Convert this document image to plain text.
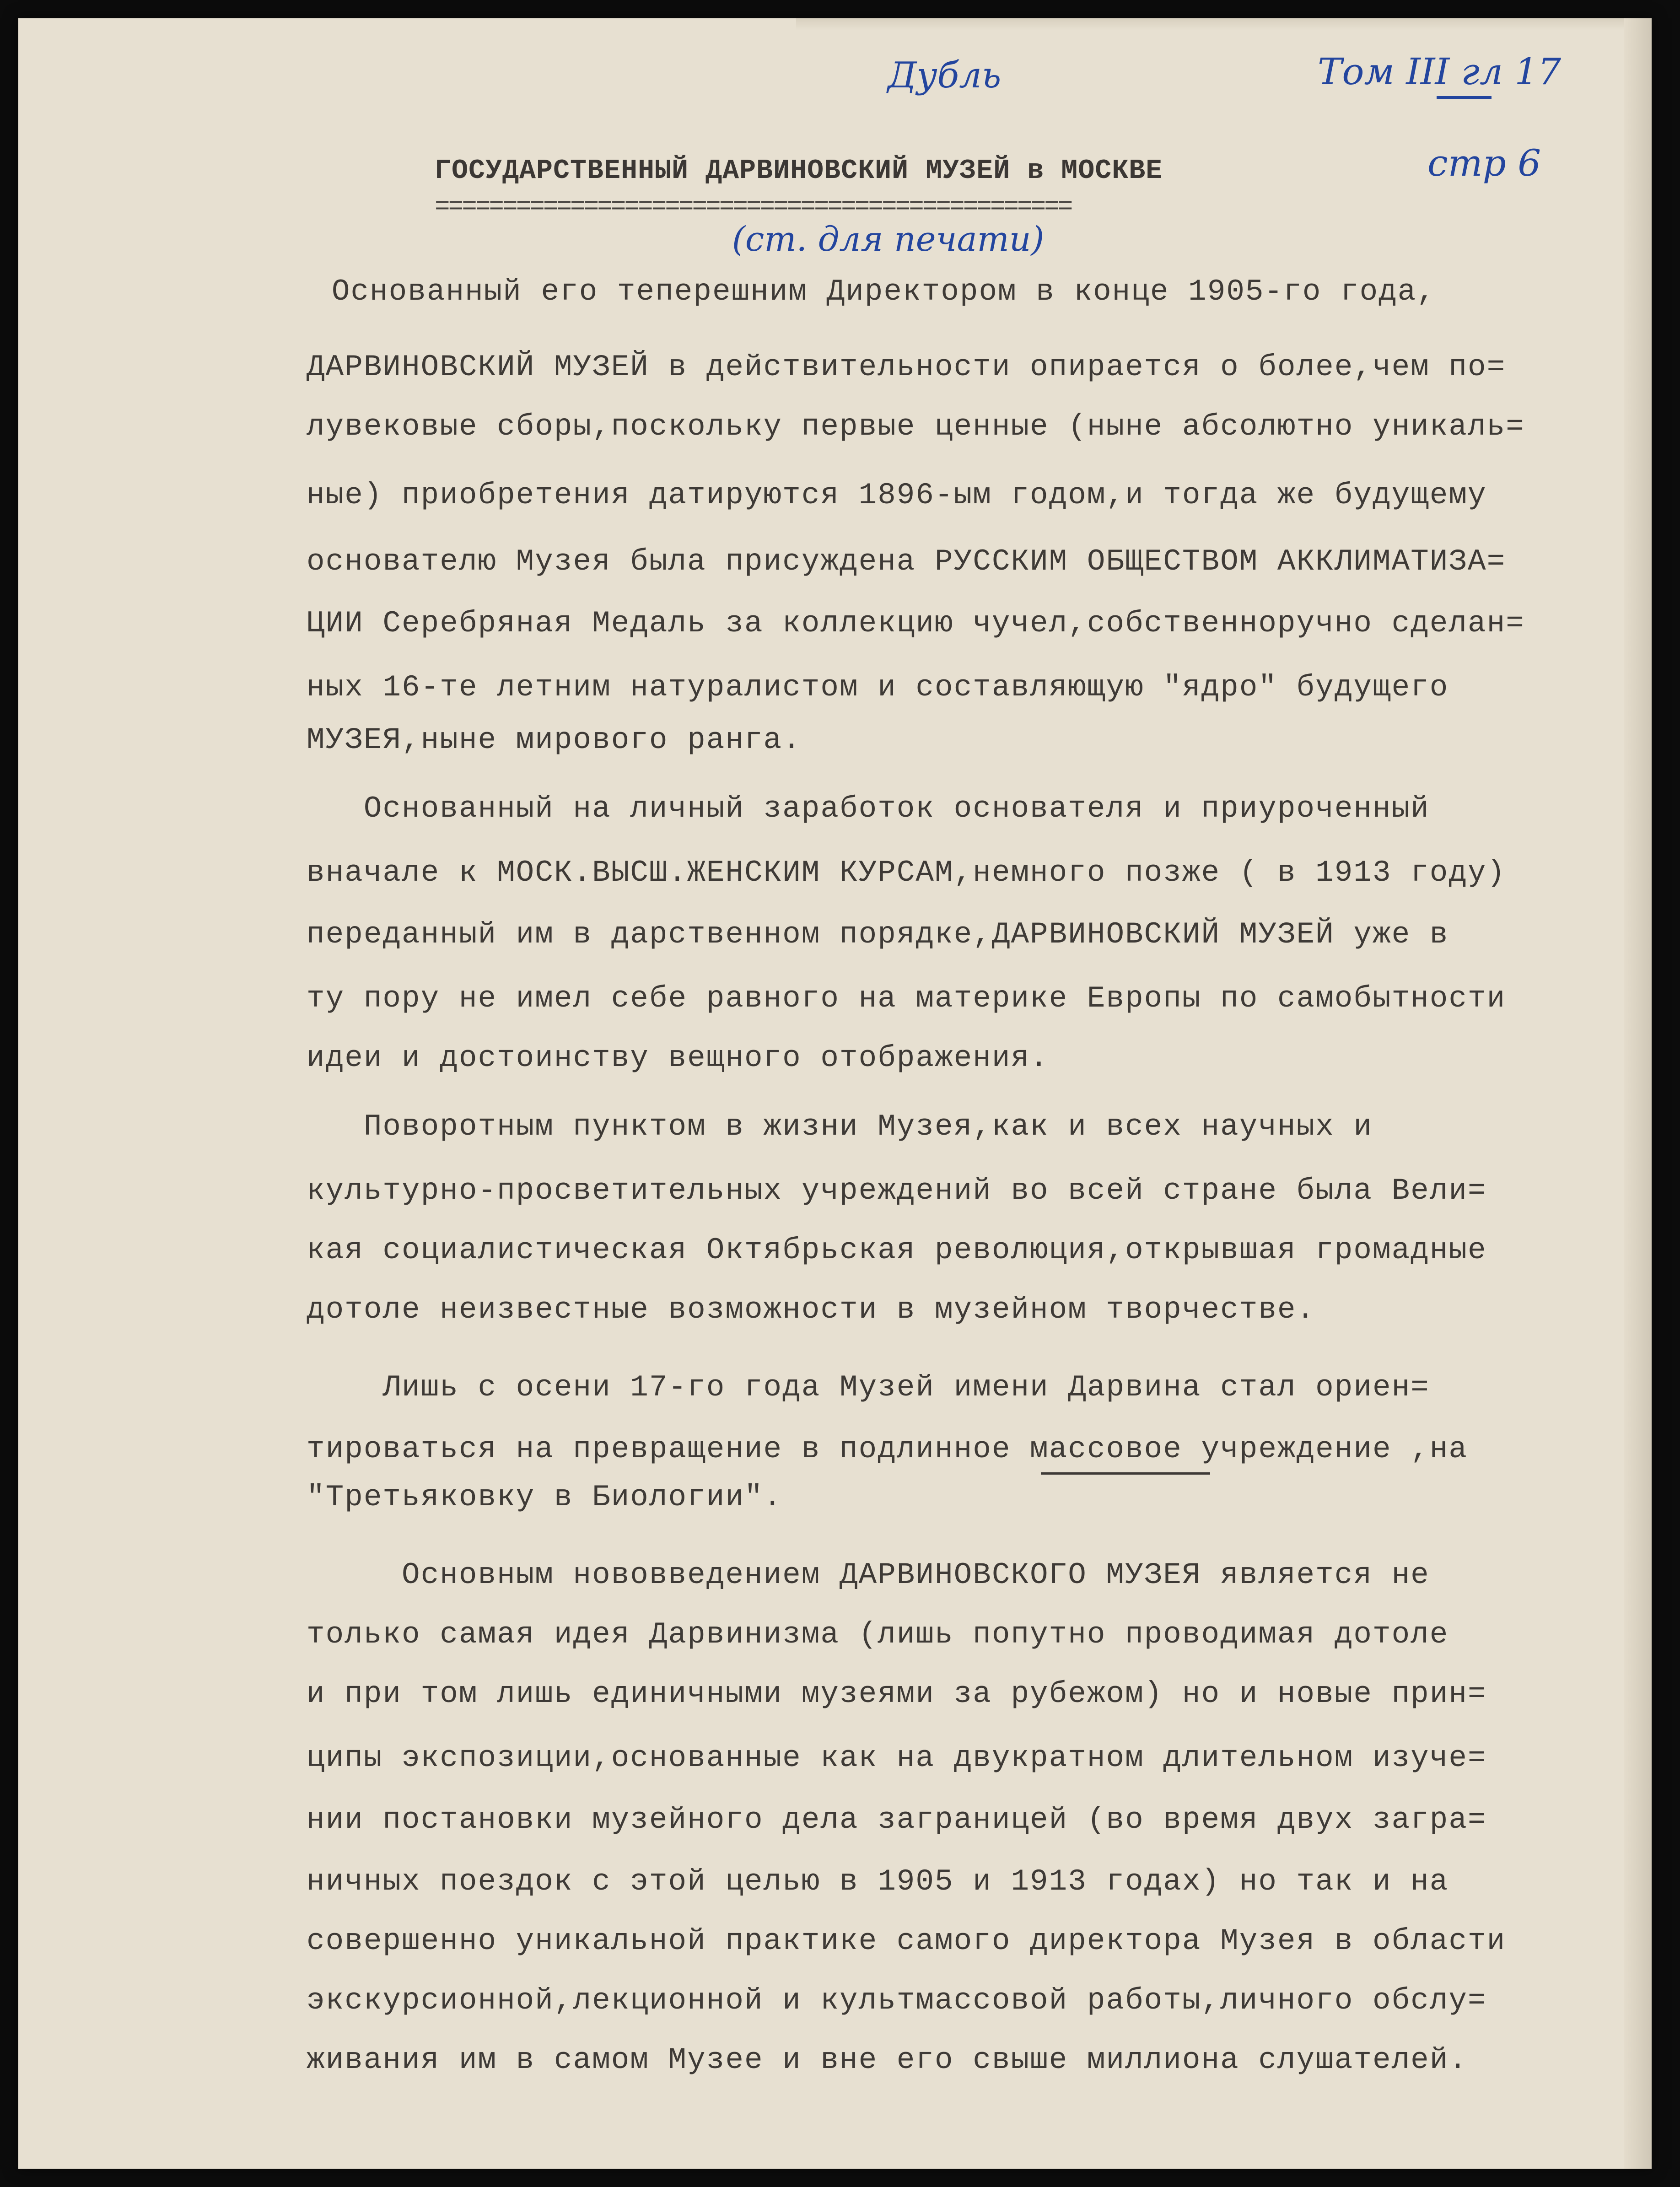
Дубль	Том III гл 17

стр 6

(ст. для печати)

ГОСУДАРСТВЕННЫЙ ДАРВИНОВСКИЙ МУЗЕЙ в МОСКВЕ

===============================================

Основанный его теперешним Директором в конце 1905-го года,

ДАРВИНОВСКИЙ МУЗЕЙ в действительности опирается о более,чем по=

лувековые сборы,поскольку первые ценные (ныне абсолютно уникаль=

ные) приобретения датируются 1896-ым годом,и тогда же будущему

основателю Музея была присуждена РУССКИМ ОБЩЕСТВОМ АККЛИМАТИЗА=

ЦИИ Серебряная Медаль за коллекцию чучел,собственноручно сделан=

ных 16-те летним натуралистом и составляющую "ядро" будущего

МУЗЕЯ,ныне мирового ранга.

Основанный на личный заработок основателя и приуроченный

вначале к МОСК.ВЫСШ.ЖЕНСКИМ КУРСАМ,немного позже ( в 1913 году)

переданный им в дарственном порядке,ДАРВИНОВСКИЙ МУЗЕЙ уже в

ту пору не имел себе равного на материке Европы по самобытности

идеи и достоинству вещного отображения.

Поворотным пунктом в жизни Музея,как и всех научных и

культурно-просветительных учреждений во всей стране была Вели=

кая социалистическая Октябрьская революция,открывшая громадные

дотоле неизвестные возможности в музейном творчестве.

Лишь с осени 17-го года Музей имени Дарвина стал ориен=

тироваться на превращение в подлинное массовое учреждение ,на

"Третьяковку в Биологии".

Основным нововведением ДАРВИНОВСКОГО МУЗЕЯ является не

только самая идея Дарвинизма (лишь попутно проводимая дотоле

и при том лишь единичными музеями за рубежом) но и новые прин=

ципы экспозиции,основанные как на двукратном длительном изуче=

нии постановки музейного дела заграницей (во время двух загра=

ничных поездок с этой целью в 1905 и 1913 годах) но так и на

совершенно уникальной практике самого директора Музея в области

экскурсионной,лекционной и культмассовой работы,личного обслу=

живания им в самом Музее и вне его свыше миллиона слушателей.
